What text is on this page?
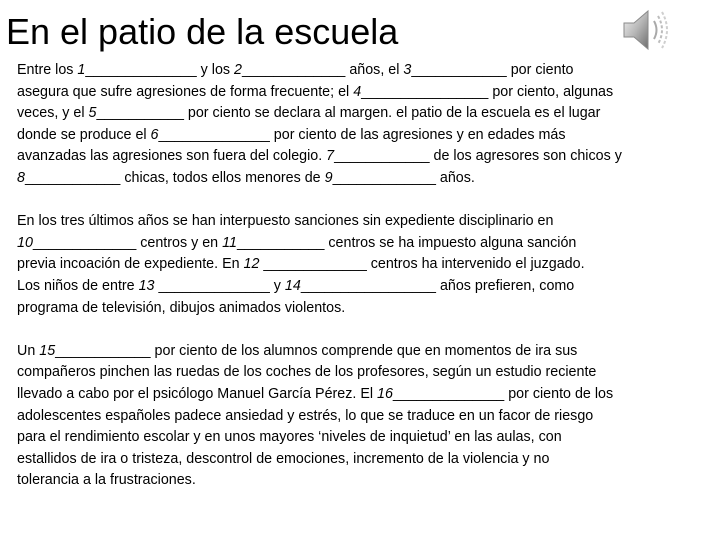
En el patio de la escuela

Entre los 1______________ y los 2_____________ años, el 3____________ por ciento
asegura que sufre agresiones de forma frecuente; el 4________________ por ciento, algunas
veces, y el 5___________ por ciento se declara al margen. el patio de la escuela es el lugar
donde se produce el 6______________ por ciento de las agresiones y en edades más
avanzadas las agresiones son fuera del colegio. 7____________ de los agresores son chicos y
8____________ chicas, todos ellos menores de 9_____________ años.

En los tres últimos años se han interpuesto sanciones sin expediente disciplinario en
10_____________ centros y en 11___________ centros se ha impuesto alguna sanción
previa incoación de expediente. En 12 _____________ centros ha intervenido el juzgado.
Los niños de entre 13 ______________ y 14_________________ años prefieren, como
programa de televisión, dibujos animados violentos.

Un 15____________ por ciento de los alumnos comprende que en momentos de ira sus
compañeros pinchen las ruedas de los coches de los profesores, según un estudio reciente
llevado a cabo por el psicólogo Manuel García Pérez. El 16______________ por ciento de los
adolescentes españoles padece ansiedad y estrés, lo que se traduce en un facor de riesgo
para el rendimiento escolar y en unos mayores ‘niveles de inquietud’ en las aulas, con
estallidos de ira o tristeza, descontrol de emociones, incremento de la violencia y no
tolerancia a la frustraciones.
